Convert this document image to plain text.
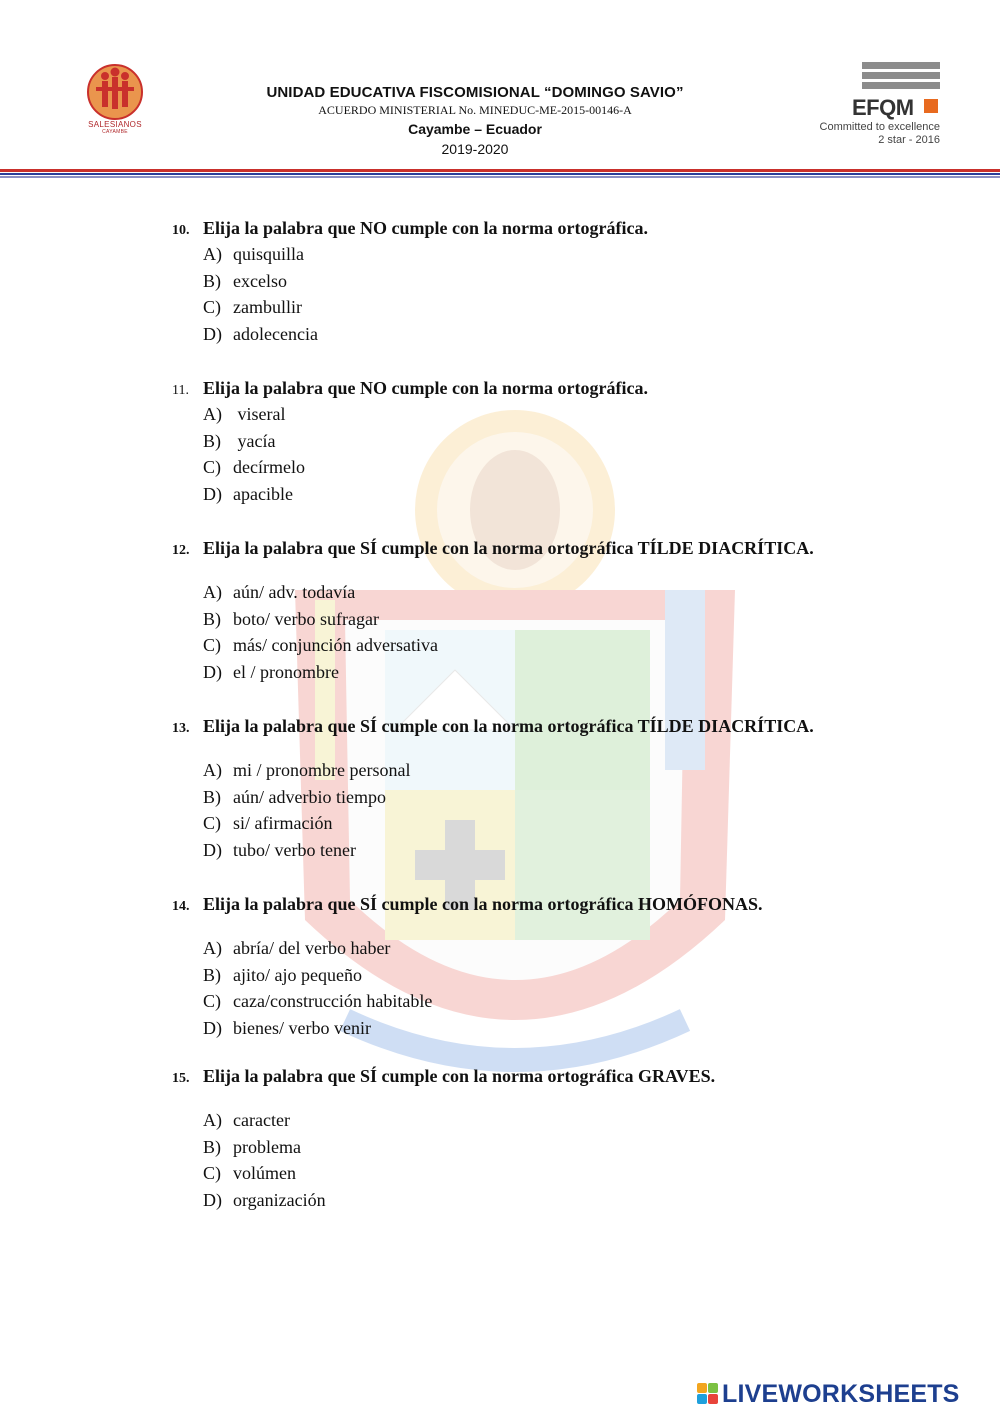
SALESIANOS
CAYAMBE
UNIDAD EDUCATIVA FISCOMISIONAL “DOMINGO SAVIO”
ACUERDO MINISTERIAL No. MINEDUC-ME-2015-00146-A
Cayambe – Ecuador
2019-2020
EFQM
Committed to excellence
2 star - 2016
10. Elija la palabra que NO cumple con la norma ortográfica.
A) quisquilla
B) excelso
C) zambullir
D) adolecencia
11. Elija la palabra que NO cumple con la norma ortográfica.
A) viseral
B) yacía
C) decírmelo
D) apacible
12. Elija la palabra que SÍ cumple con la norma ortográfica TÍLDE DIACRÍTICA.
A) aún/ adv. todavía
B) boto/ verbo sufragar
C) más/ conjunción adversativa
D) el / pronombre
13. Elija la palabra que SÍ cumple con la norma ortográfica TÍLDE DIACRÍTICA.
A) mi / pronombre personal
B) aún/ adverbio tiempo
C) si/ afirmación
D) tubo/ verbo tener
14. Elija la palabra que SÍ cumple con la norma ortográfica HOMÓFONAS.
A) abría/ del verbo haber
B) ajito/ ajo pequeño
C) caza/construcción habitable
D) bienes/ verbo venir
15. Elija la palabra que SÍ cumple con la norma ortográfica GRAVES.
A) caracter
B) problema
C) volúmen
D) organización
LIVEWORKSHEETS
